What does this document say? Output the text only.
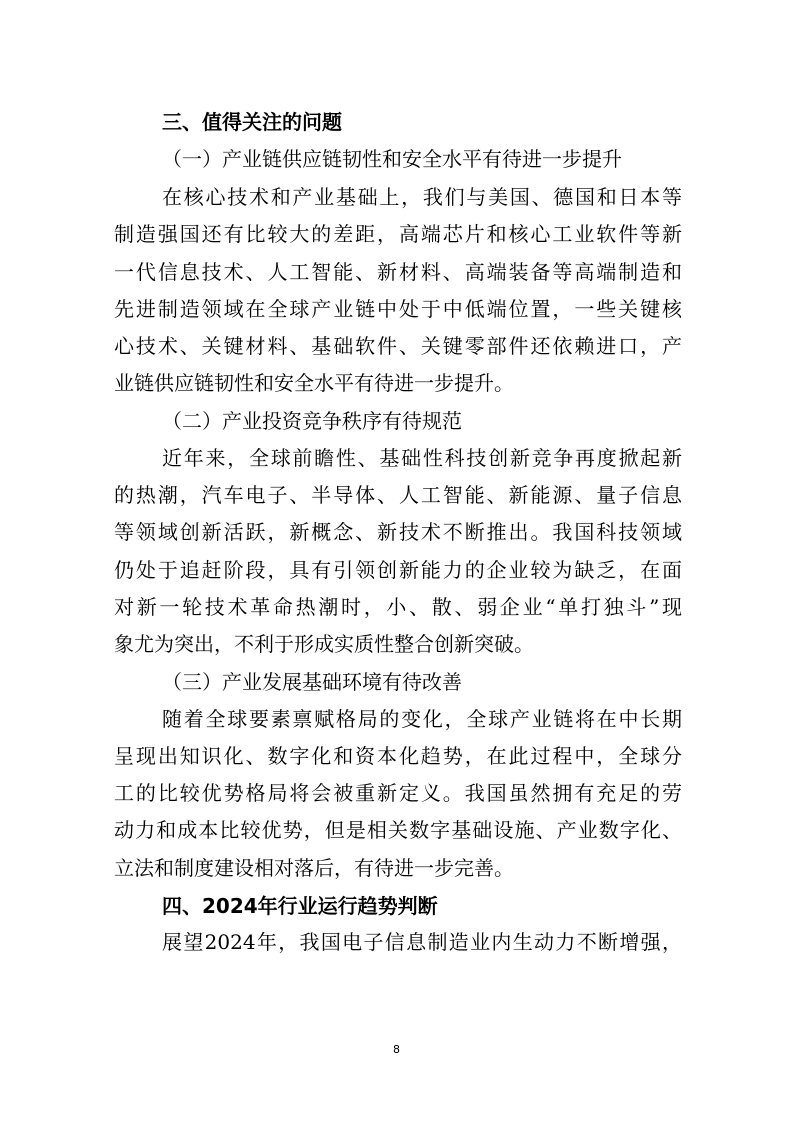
三、值得关注的问题

（一）产业链供应链韧性和安全水平有待进一步提升

在核心技术和产业基础上，我们与美国、德国和日本等
制造强国还有比较大的差距，高端芯片和核心工业软件等新
一代信息技术、人工智能、新材料、高端装备等高端制造和
先进制造领域在全球产业链中处于中低端位置，一些关键核
心技术、关键材料、基础软件、关键零部件还依赖进口，产
业链供应链韧性和安全水平有待进一步提升。

（二）产业投资竞争秩序有待规范

近年来，全球前瞻性、基础性科技创新竞争再度掀起新
的热潮，汽车电子、半导体、人工智能、新能源、量子信息
等领域创新活跃，新概念、新技术不断推出。我国科技领域
仍处于追赶阶段，具有引领创新能力的企业较为缺乏，在面
对新一轮技术革命热潮时，小、散、弱企业“单打独斗”现
象尤为突出，不利于形成实质性整合创新突破。

（三）产业发展基础环境有待改善

随着全球要素禀赋格局的变化，全球产业链将在中长期
呈现出知识化、数字化和资本化趋势，在此过程中，全球分
工的比较优势格局将会被重新定义。我国虽然拥有充足的劳
动力和成本比较优势，但是相关数字基础设施、产业数字化、
立法和制度建设相对落后，有待进一步完善。

四、2024年行业运行趋势判断

展望2024年，我国电子信息制造业内生动力不断增强，
8
